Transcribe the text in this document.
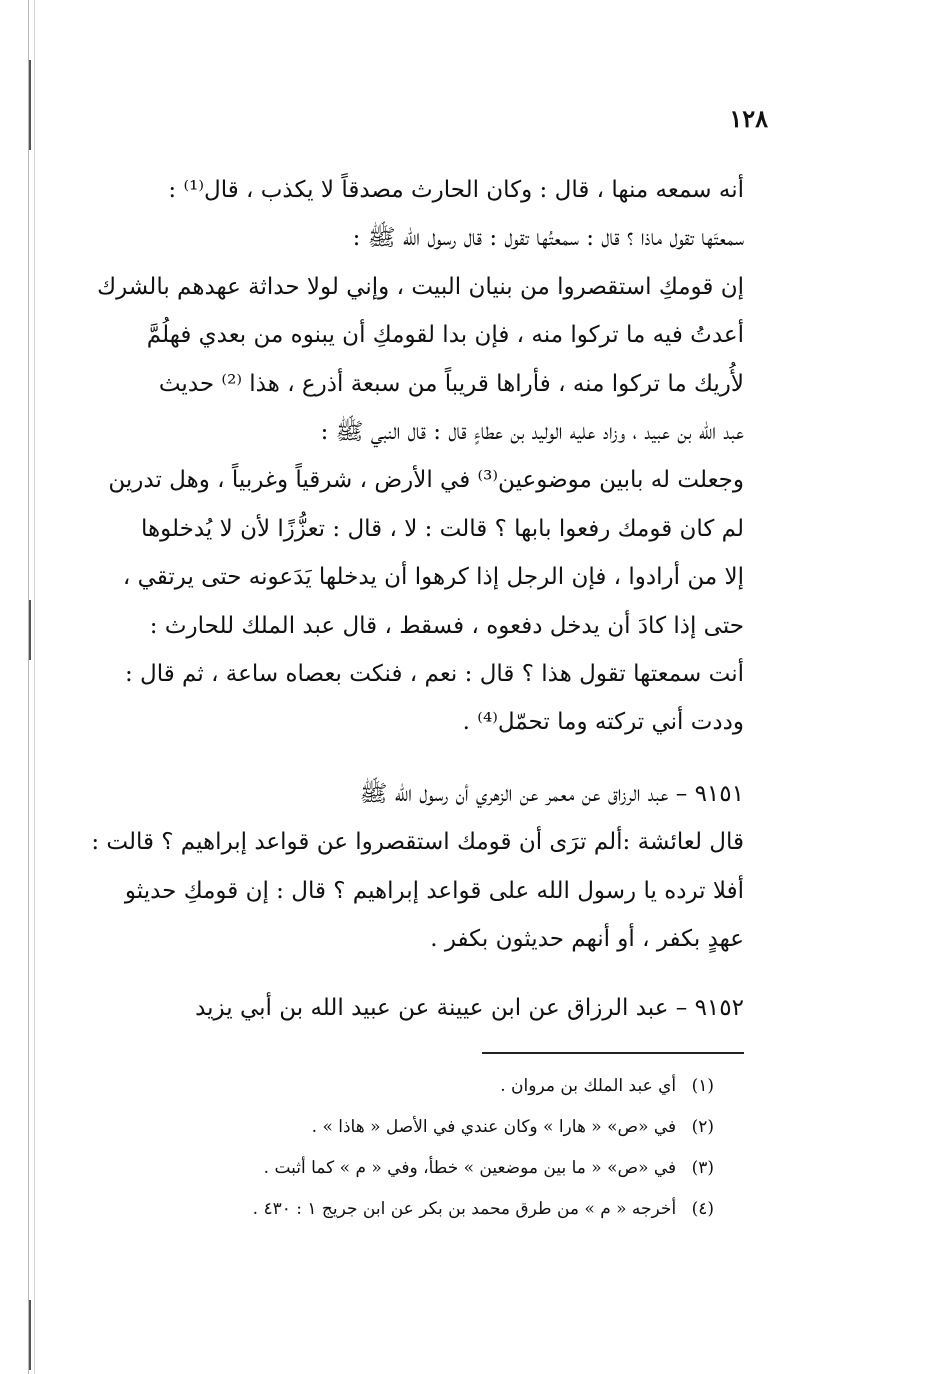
١٢٨
أنه سمعه منها ، قال : وكان الحارث مصدقاً لا يكذب ، قال⁽¹⁾ :
سمعتَها تقول ماذا ؟ قال : سمعتُها تقول : قال رسول الله ﷺ :
إن قومكِ استقصروا من بنيان البيت ، وإني لولا حداثة عهدهم بالشرك
أعدتُ فيه ما تركوا منه ، فإن بدا لقومكِ أن يبنوه من بعدي فهلُمَّ
لأُريك ما تركوا منه ، فأراها قريباً من سبعة أذرع ، هذا ⁽²⁾ حديث
عبد الله بن عبيد ، وزاد عليه الوليد بن عطاءٍ قال : قال النبي ﷺ :
وجعلت له بابين موضوعين⁽³⁾ في الأرض ، شرقياً وغربياً ، وهل تدرين
لم كان قومك رفعوا بابها ؟ قالت : لا ، قال : تعزُّزًا لأن لا يُدخلوها
إلا من أرادوا ، فإن الرجل إذا كرهوا أن يدخلها يَدَعونه حتى يرتقي ،
حتى إذا كادَ أن يدخل دفعوه ، فسقط ، قال عبد الملك للحارث :
أنت سمعتها تقول هذا ؟ قال : نعم ، فنكت بعصاه ساعة ، ثم قال :
وددت أني تركته وما تحمّل⁽⁴⁾ .
٩١٥١ – عبد الرزاق عن معمر عن الزهري أن رسول الله ﷺ
قال لعائشة :ألم ترَى أن قومك استقصروا عن قواعد إبراهيم ؟ قالت :
أفلا ترده يا رسول الله على قواعد إبراهيم ؟ قال : إن قومكِ حديثو
عهدٍ بكفر ، أو أنهم حديثون بكفر .
٩١٥٢ – عبد الرزاق عن ابن عيينة عن عبيد الله بن أبي يزيد
(١) أي عبد الملك بن مروان .
(٢) في «ص» « هارا » وكان عندي في الأصل « هاذا » .
(٣) في «ص» « ما بين موضعين » خطأ، وفي « م » كما أثبت .
(٤) أخرجه « م » من طرق محمد بن بكر عن ابن جريج ١ : ٤٣٠ .
